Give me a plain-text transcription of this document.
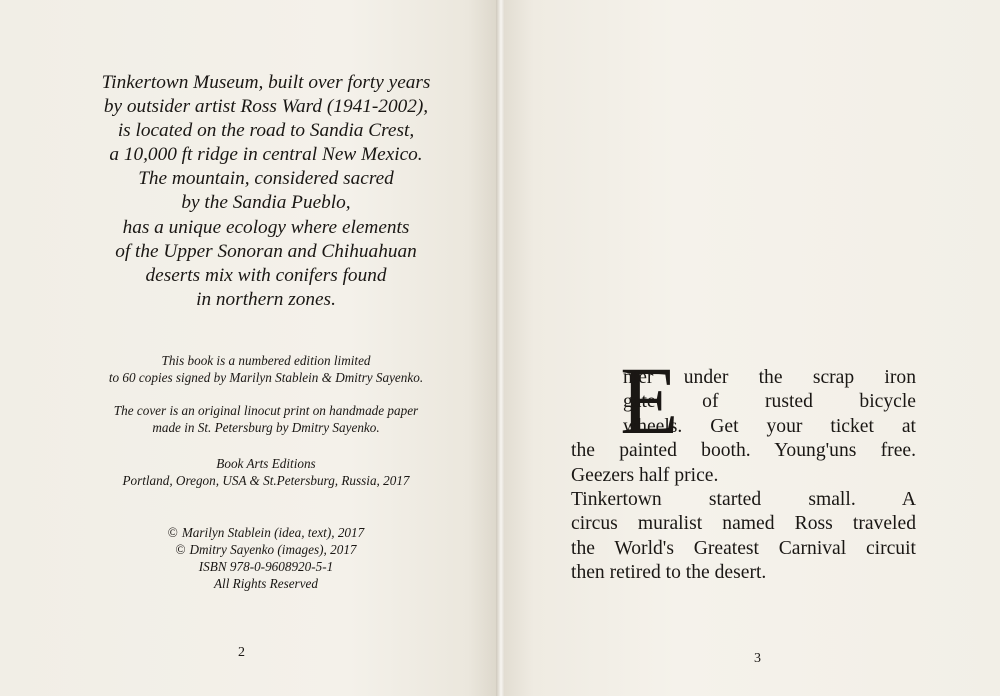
Tinkertown Museum, built over forty years
by outsider artist Ross Ward (1941-2002),
is located on the road to Sandia Crest,
a 10,000 ft ridge in central New Mexico.
The mountain, considered sacred
by the Sandia Pueblo,
has a unique ecology where elements
of the Upper Sonoran and Chihuahuan
deserts mix with conifers found
in northern zones.
This book is a numbered edition limited
to 60 copies signed by Marilyn Stablein & Dmitry Sayenko.
The cover is an original linocut print on handmade paper
made in St. Petersburg by Dmitry Sayenko.
Book Arts Editions
Portland, Oregon, USA & St.Petersburg, Russia, 2017
© Marilyn Stablein (idea, text), 2017
© Dmitry Sayenko (images), 2017
ISBN 978-0-9608920-5-1
All Rights Reserved
2	3
E
nter under the scrap iron
gate of rusted bicycle
wheels. Get your ticket at
the painted booth. Young'uns free.
Geezers half price.
Tinkertown started small. A
circus muralist named Ross traveled
the World's Greatest Carnival circuit
then retired to the desert.
